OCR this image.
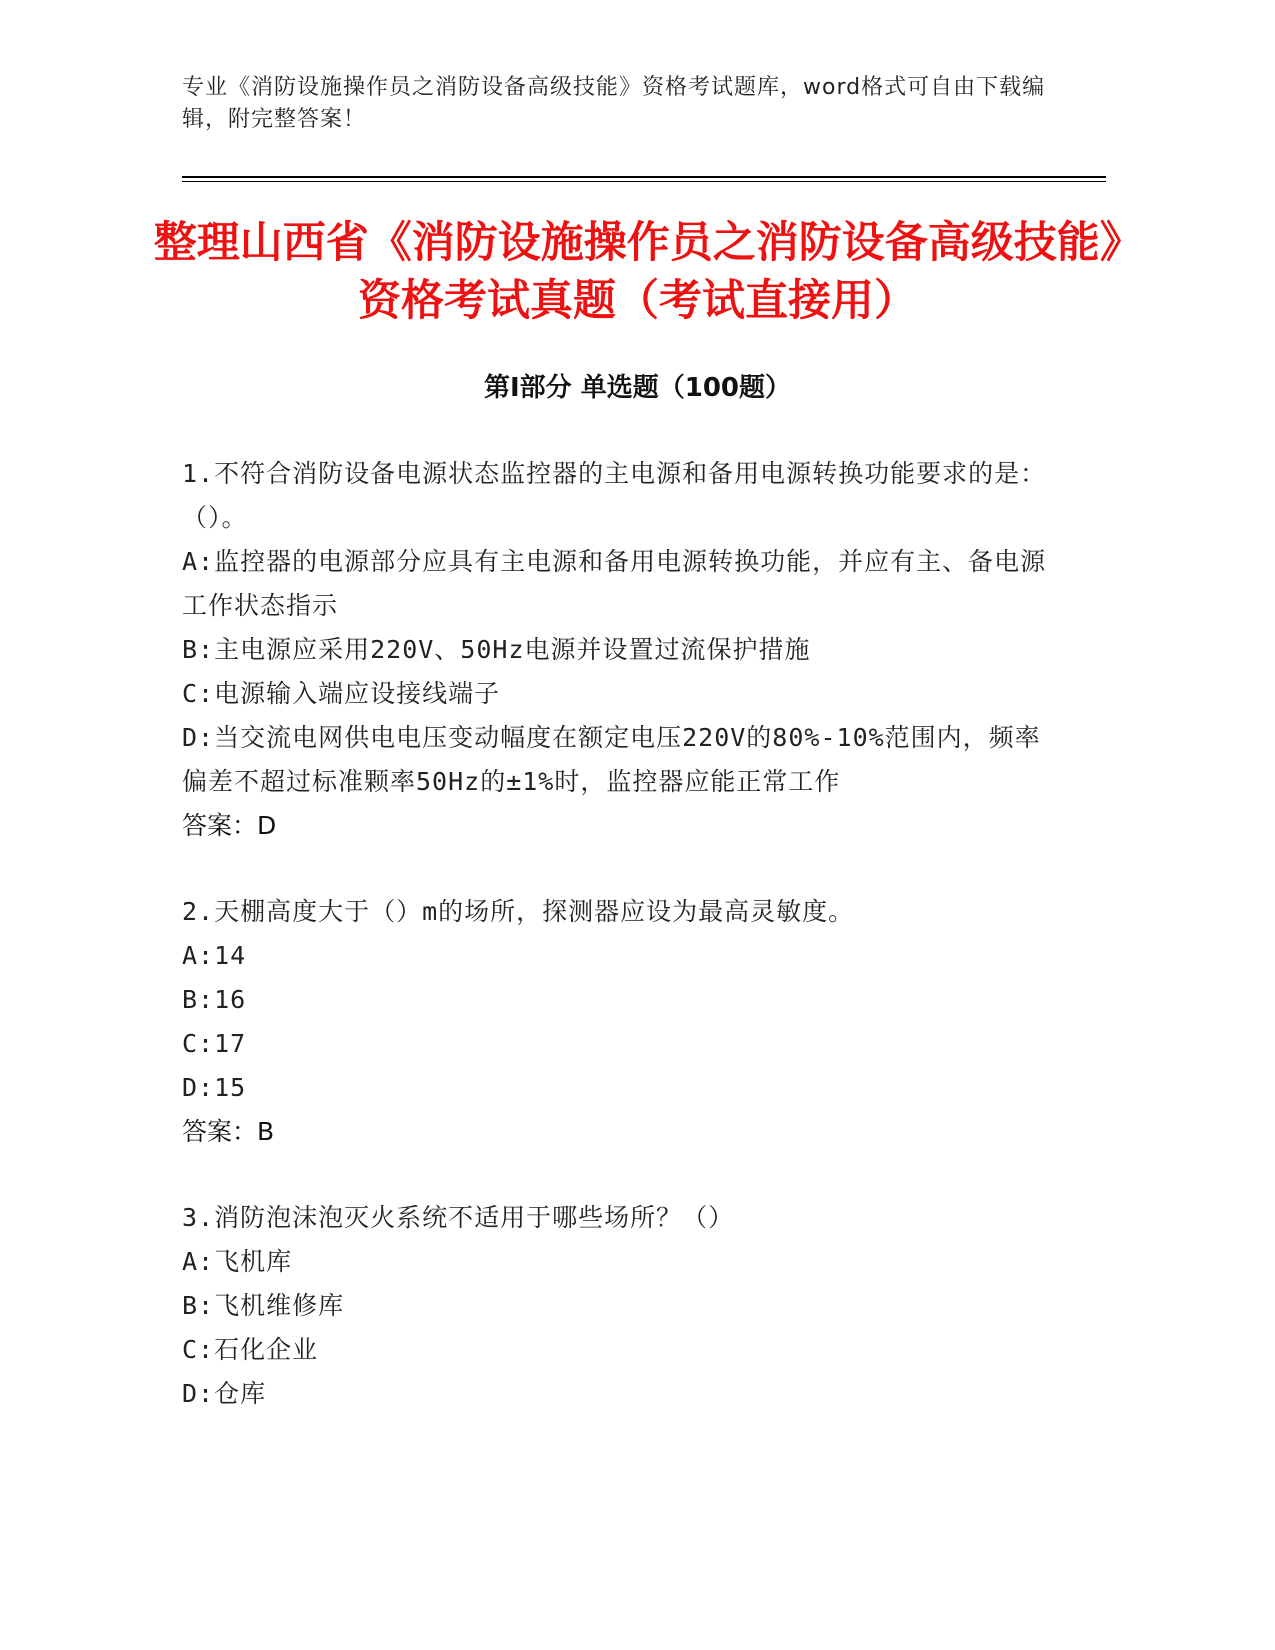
专业《消防设施操作员之消防设备高级技能》资格考试题库，word格式可自由下载编辑，附完整答案！
整理山西省《消防设施操作员之消防设备高级技能》资格考试真题（考试直接用）
第I部分 单选题（100题）

1.不符合消防设备电源状态监控器的主电源和备用电源转换功能要求的是：（）。

A:监控器的电源部分应具有主电源和备用电源转换功能，并应有主、备电源工作状态指示

B:主电源应采用220V、50Hz电源并设置过流保护措施

C:电源输入端应设接线端子

D:当交流电网供电电压变动幅度在额定电压220V的80%-10%范围内，频率偏差不超过标准颗率50Hz的±1%时，监控器应能正常工作

答案：D

2.天棚高度大于（）m的场所，探测器应设为最高灵敏度。

A:14

B:16

C:17

D:15

答案：B

3.消防泡沫泡灭火系统不适用于哪些场所？（）

A:飞机库

B:飞机维修库

C:石化企业

D:仓库
